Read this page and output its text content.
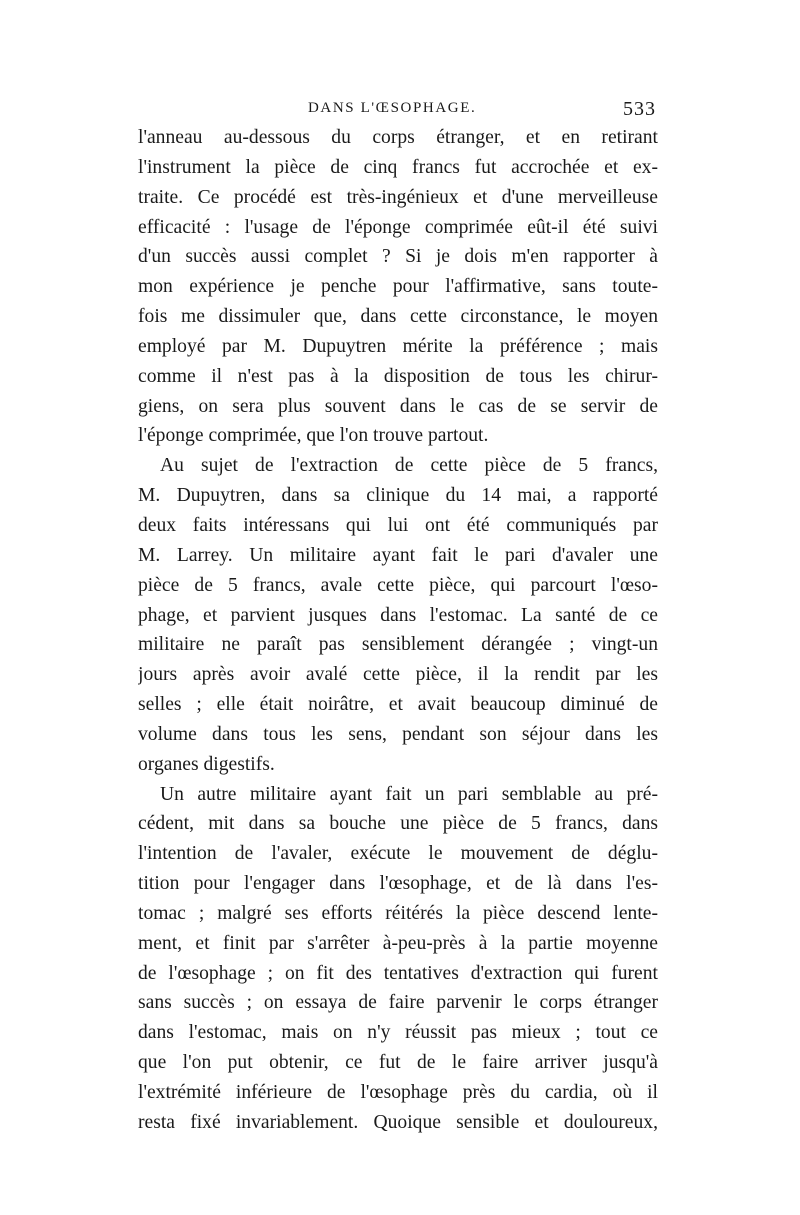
DANS L'ŒSOPHAGE.	533
l'anneau au-dessous du corps étranger, et en retirant
l'instrument la pièce de cinq francs fut accrochée et ex-
traite. Ce procédé est très-ingénieux et d'une merveilleuse
efficacité : l'usage de l'éponge comprimée eût-il été suivi
d'un succès aussi complet ? Si je dois m'en rapporter à
mon expérience je penche pour l'affirmative, sans toute-
fois me dissimuler que, dans cette circonstance, le moyen
employé par M. Dupuytren mérite la préférence ; mais
comme il n'est pas à la disposition de tous les chirur-
giens, on sera plus souvent dans le cas de se servir de
l'éponge comprimée, que l'on trouve partout.
Au sujet de l'extraction de cette pièce de 5 francs,
M. Dupuytren, dans sa clinique du 14 mai, a rapporté
deux faits intéressans qui lui ont été communiqués par
M. Larrey. Un militaire ayant fait le pari d'avaler une
pièce de 5 francs, avale cette pièce, qui parcourt l'œso-
phage, et parvient jusques dans l'estomac. La santé de ce
militaire ne paraît pas sensiblement dérangée ; vingt-un
jours après avoir avalé cette pièce, il la rendit par les
selles ; elle était noirâtre, et avait beaucoup diminué de
volume dans tous les sens, pendant son séjour dans les
organes digestifs.
Un autre militaire ayant fait un pari semblable au pré-
cédent, mit dans sa bouche une pièce de 5 francs, dans
l'intention de l'avaler, exécute le mouvement de déglu-
tition pour l'engager dans l'œsophage, et de là dans l'es-
tomac ; malgré ses efforts réitérés la pièce descend lente-
ment, et finit par s'arrêter à-peu-près à la partie moyenne
de l'œsophage ; on fit des tentatives d'extraction qui furent
sans succès ; on essaya de faire parvenir le corps étranger
dans l'estomac, mais on n'y réussit pas mieux ; tout ce
que l'on put obtenir, ce fut de le faire arriver jusqu'à
l'extrémité inférieure de l'œsophage près du cardia, où il
resta fixé invariablement. Quoique sensible et douloureux,
